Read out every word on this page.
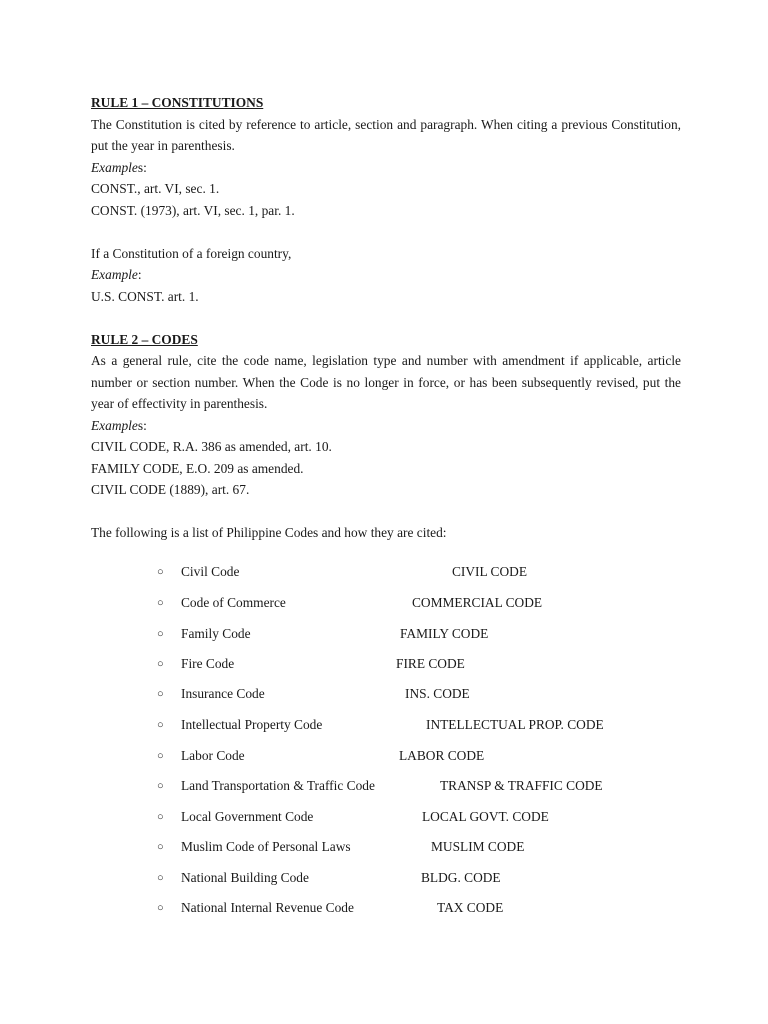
RULE 1 – CONSTITUTIONS

The Constitution is cited by reference to article, section and paragraph. When citing a previous Constitution, put the year in parenthesis.

Examples:

CONST., art. VI, sec. 1.

CONST. (1973), art. VI, sec. 1, par. 1.

If a Constitution of a foreign country,

Example:

U.S. CONST. art. 1.

RULE 2 – CODES

As a general rule, cite the code name, legislation type and number with amendment if applicable, article number or section number. When the Code is no longer in force, or has been subsequently revised, put the year of effectivity in parenthesis.

Examples:

CIVIL CODE, R.A. 386 as amended, art. 10.

FAMILY CODE, E.O. 209 as amended.

CIVIL CODE (1889), art. 67.

The following is a list of Philippine Codes and how they are cited:

○ Civil Code	CIVIL CODE
○ Code of Commerce	COMMERCIAL CODE
○ Family Code	FAMILY CODE
○ Fire Code	FIRE CODE
○ Insurance Code	INS. CODE
○ Intellectual Property Code	INTELLECTUAL PROP. CODE
○ Labor Code	LABOR CODE
○ Land Transportation & Traffic Code	TRANSP & TRAFFIC CODE
○ Local Government Code	LOCAL GOVT. CODE
○ Muslim Code of Personal Laws	MUSLIM CODE
○ National Building Code	BLDG. CODE
○ National Internal Revenue Code	TAX CODE
